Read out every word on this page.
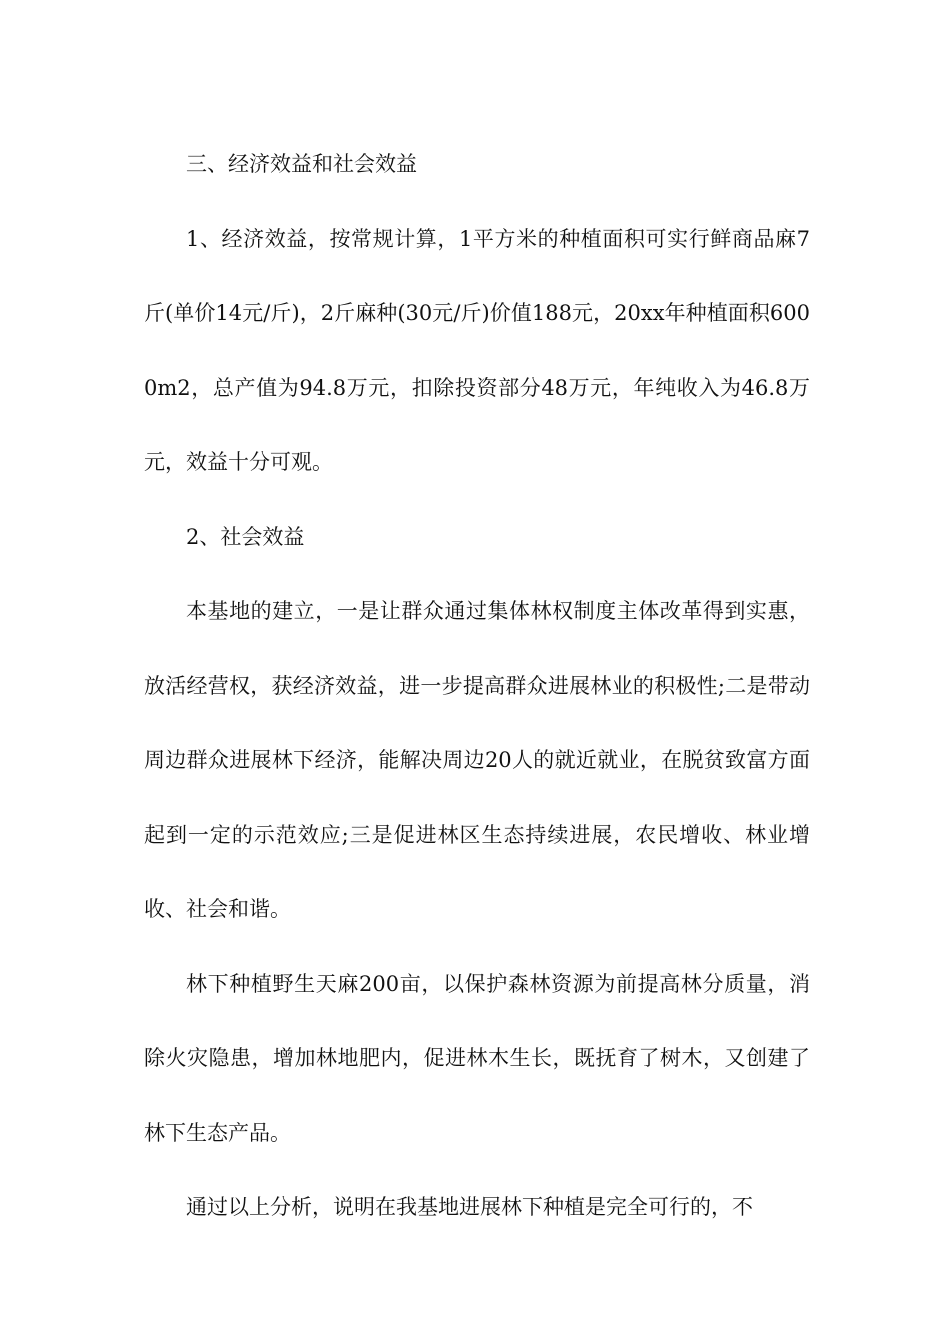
三、经济效益和社会效益

1、经济效益，按常规计算，1平方米的种植面积可实行鲜商品麻7斤(单价14元/斤)，2斤麻种(30元/斤)价值188元，20xx年种植面积6000m2，总产值为94.8万元，扣除投资部分48万元，年纯收入为46.8万元，效益十分可观。

2、社会效益

本基地的建立，一是让群众通过集体林权制度主体改革得到实惠，放活经营权，获经济效益，进一步提高群众进展林业的积极性;二是带动周边群众进展林下经济，能解决周边20人的就近就业，在脱贫致富方面起到一定的示范效应;三是促进林区生态持续进展，农民增收、林业增收、社会和谐。

林下种植野生天麻200亩，以保护森林资源为前提高林分质量，消除火灾隐患，增加林地肥内，促进林木生长，既抚育了树木，又创建了林下生态产品。

通过以上分析，说明在我基地进展林下种植是完全可行的，不
